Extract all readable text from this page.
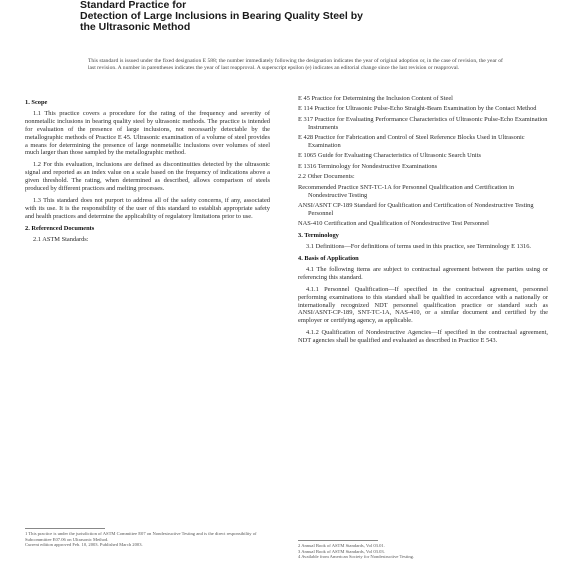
Standard Practice for
Detection of Large Inclusions in Bearing Quality Steel by
the Ultrasonic Method
This standard is issued under the fixed designation E 588; the number immediately following the designation indicates the year of original adoption or, in the case of revision, the year of last revision. A number in parentheses indicates the year of last reapproval. A superscript epsilon (e) indicates an editorial change since the last revision or reapproval.
1. Scope
1.1 This practice covers a procedure for the rating of the frequency and severity of nonmetallic inclusions in bearing quality steel by ultrasonic methods. The practice is intended for evaluation of the presence of large inclusions, not necessarily detectable by the metallographic methods of Practice E 45. Ultrasonic examination of a volume of steel provides a means for determining the presence of large nonmetallic inclusions over volumes of steel much larger than those sampled by the metallographic method.
1.2 For this evaluation, inclusions are defined as discontinuities detected by the ultrasonic signal and reported as an index value on a scale based on the frequency of indications above a given threshold. The rating, when determined as described, allows comparison of steels produced by different practices and melting processes.
1.3 This standard does not purport to address all of the safety concerns, if any, associated with its use. It is the responsibility of the user of this standard to establish appropriate safety and health practices and determine the applicability of regulatory limitations prior to use.
2. Referenced Documents
2.1 ASTM Standards:
E 45 Practice for Determining the Inclusion Content of Steel
E 114 Practice for Ultrasonic Pulse-Echo Straight-Beam Examination by the Contact Method
E 317 Practice for Evaluating Performance Characteristics of Ultrasonic Pulse-Echo Examination Instruments
E 428 Practice for Fabrication and Control of Steel Reference Blocks Used in Ultrasonic Examination
E 1065 Guide for Evaluating Characteristics of Ultrasonic Search Units
E 1316 Terminology for Nondestructive Examinations
2.2 Other Documents:
Recommended Practice SNT-TC-1A for Personnel Qualification and Certification in Nondestructive Testing
ANSI/ASNT CP-189 Standard for Qualification and Certification of Nondestructive Testing Personnel
NAS-410 Certification and Qualification of Nondestructive Test Personnel
3. Terminology
3.1 Definitions—For definitions of terms used in this practice, see Terminology E 1316.
4. Basis of Application
4.1 The following items are subject to contractual agreement between the parties using or referencing this standard.
4.1.1 Personnel Qualification—If specified in the contractual agreement, personnel performing examinations to this standard shall be qualified in accordance with a nationally or internationally recognized NDT personnel qualification practice or standard such as ANSI/ASNT-CP-189, SNT-TC-1A, NAS-410, or a similar document and certified by the employer or certifying agency, as applicable.
4.1.2 Qualification of Nondestructive Agencies—If specified in the contractual agreement, NDT agencies shall be qualified and evaluated as described in Practice E 543.
1 This practice is under the jurisdiction of ASTM Committee E07 on Nondestructive Testing and is the direct responsibility of Subcommittee E07.06 on Ultrasonic Method.
Current edition approved Feb. 10, 2003. Published March 2003.	2 Annual Book of ASTM Standards, Vol 03.01.
3 Annual Book of ASTM Standards, Vol 03.03.
4 Available from American Society for Nondestructive Testing.
